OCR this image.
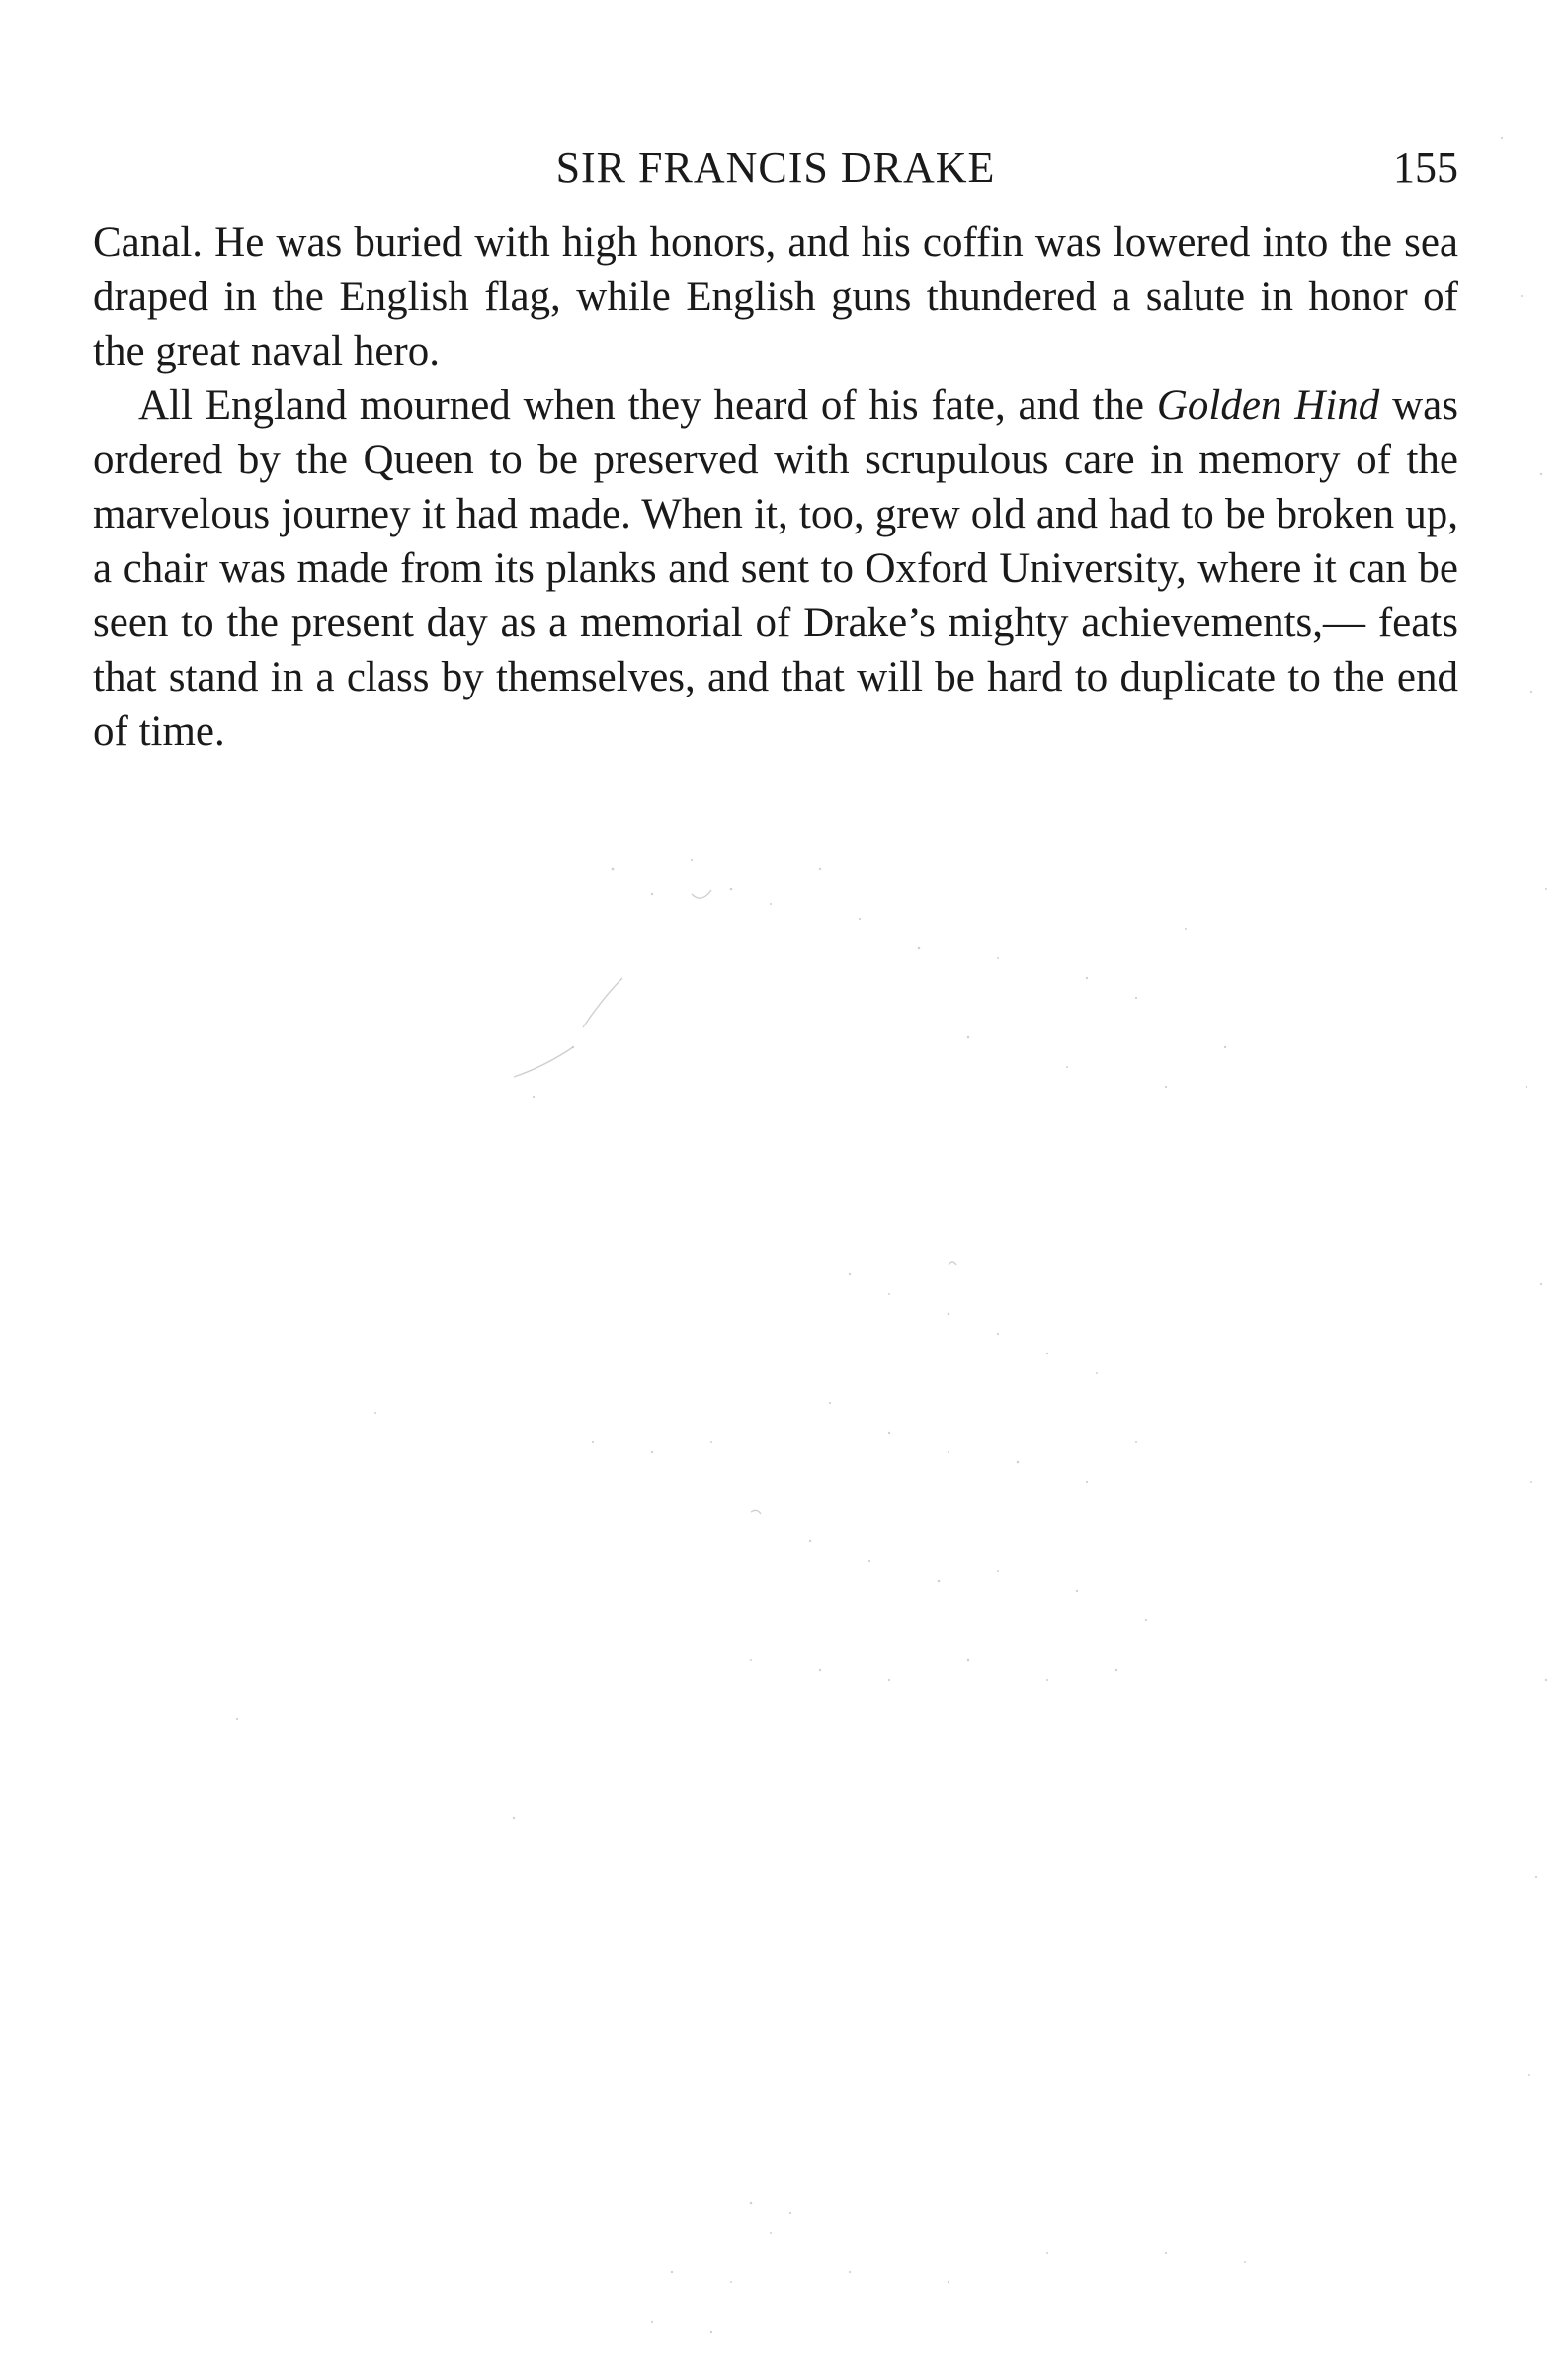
SIR FRANCIS DRAKE	155

Canal. He was buried with high honors, and his coffin was lowered into the sea draped in the English flag, while English guns thundered a salute in honor of the great naval hero.

All England mourned when they heard of his fate, and the Golden Hind was ordered by the Queen to be preserved with scrupulous care in memory of the marvelous journey it had made. When it, too, grew old and had to be broken up, a chair was made from its planks and sent to Oxford University, where it can be seen to the present day as a memorial of Drake’s mighty achievements,— feats that stand in a class by themselves, and that will be hard to duplicate to the end of time.
